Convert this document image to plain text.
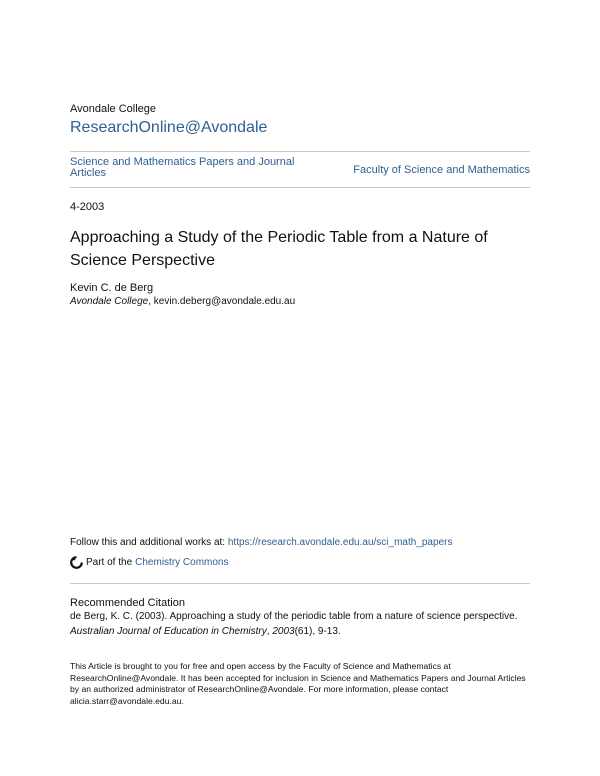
Avondale College
ResearchOnline@Avondale
Science and Mathematics Papers and Journal Articles	Faculty of Science and Mathematics
4-2003
Approaching a Study of the Periodic Table from a Nature of Science Perspective
Kevin C. de Berg
Avondale College, kevin.deberg@avondale.edu.au
Follow this and additional works at: https://research.avondale.edu.au/sci_math_papers
Part of the Chemistry Commons
Recommended Citation
de Berg, K. C. (2003). Approaching a study of the periodic table from a nature of science perspective.
Australian Journal of Education in Chemistry, 2003(61), 9-13.
This Article is brought to you for free and open access by the Faculty of Science and Mathematics at ResearchOnline@Avondale. It has been accepted for inclusion in Science and Mathematics Papers and Journal Articles by an authorized administrator of ResearchOnline@Avondale. For more information, please contact alicia.starr@avondale.edu.au.
